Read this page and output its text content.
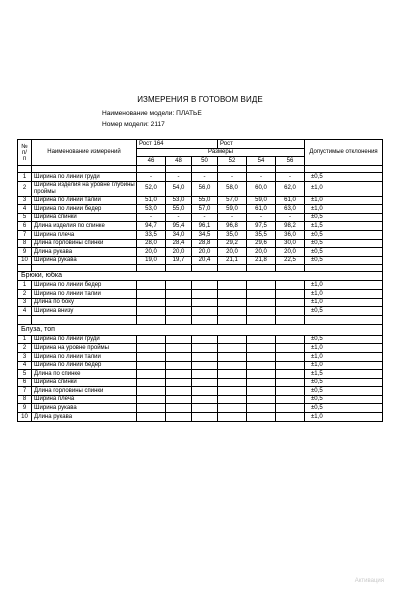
ИЗМЕРЕНИЯ В ГОТОВОМ ВИДЕ
Наименование модели: ПЛАТЬЕ
Номер модели: 2117
№
п/
п	Наименование измерений	Рост 164			Рост			Допустимые отклонения
		Размеры						
		46	48	50	52	54	56	

1	Ширина по линии груди	-	-	-	-	-	-	±0,5
2	Ширина изделия на уровне глубины проймы	52,0	54,0	56,0	58,0	60,0	62,0	±1,0
3	Ширина по линии талии	51,0	53,0	55,0	57,0	59,0	61,0	±1,0
4	Ширина по линии бедер	53,0	55,0	57,0	59,0	61,0	63,0	±1,0
5	Ширина спинки	-	-	-	-	-	-	±0,5
6	Длина изделия по спинке	94,7	95,4	96,1	96,8	97,5	98,2	±1,5
7	Ширина плеча	33,5	34,0	34,5	35,0	35,5	36,0	±0,5
8	Длина горловины спинки	28,0	28,4	28,8	29,2	29,6	30,0	±0,5
9	Длина рукава	20,0	20,0	20,0	20,0	20,0	20,0	±0,5
10	Ширина рукава	19,0	19,7	20,4	21,1	21,8	22,5	±0,5

Брюки, юбка								
1	Ширина по линии бедер							±1,0
2	Ширина по линии талии							±1,0
3	Длина по боку							±1,0
4	Ширина внизу							±0,5

Блуза, топ								
1	Ширина по линии груди							±0,5
2	Ширина на уровне проймы							±1,0
3	Ширина по линии талии							±1,0
4	Ширина по линии бедер							±1,0
5	Длина по спинке							±1,5
6	Ширина спинки							±0,5
7	Длина горловины спинки							±0,5
8	Ширина плеча							±0,5
9	Ширина рукава							±0,5
10	Длина рукава							±1,0
Активация
